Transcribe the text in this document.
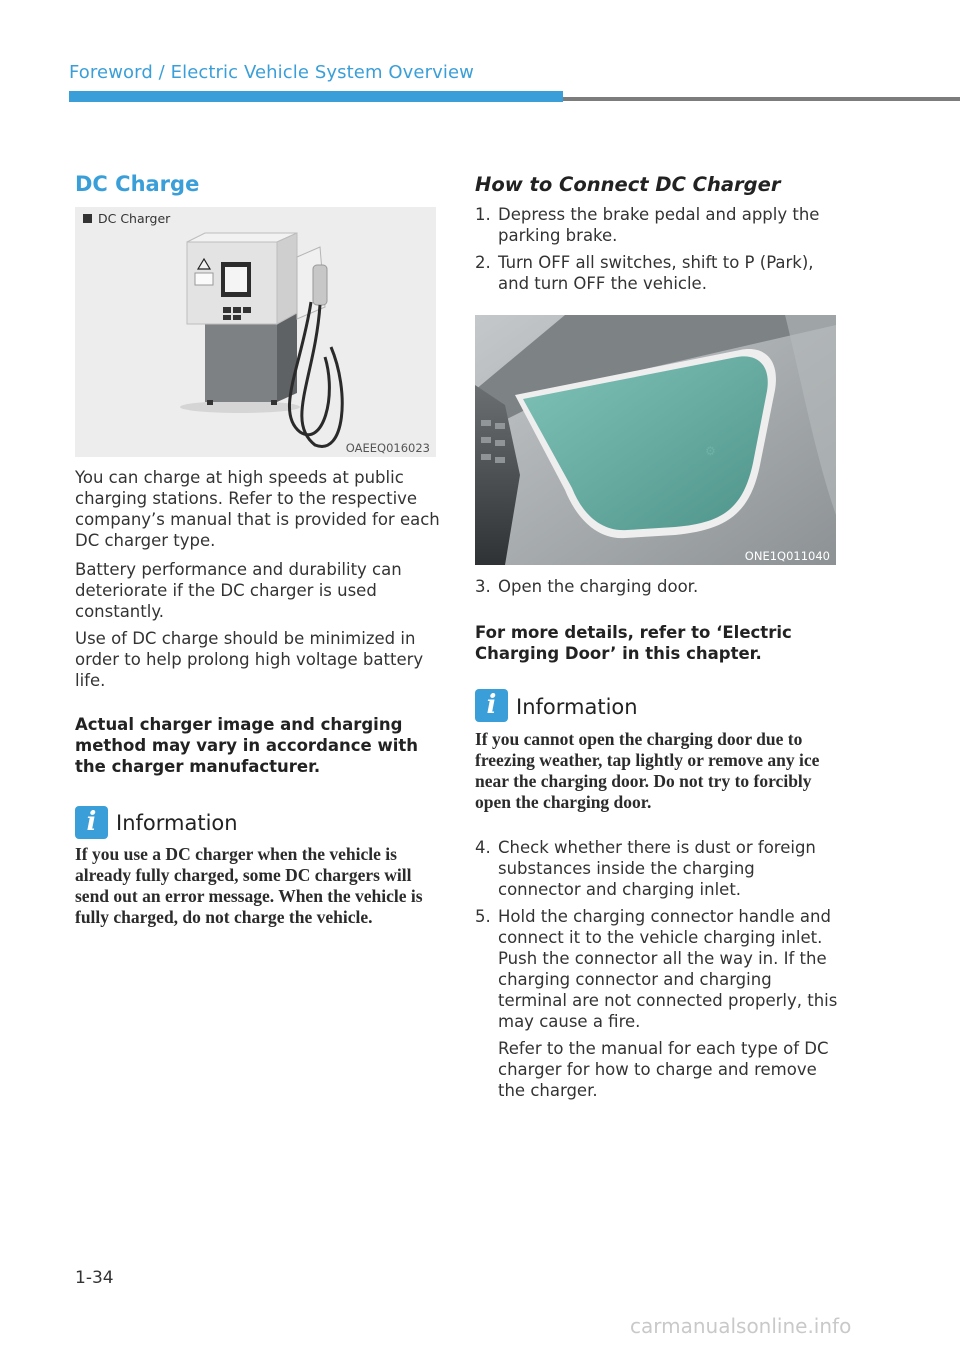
Foreword / Electric Vehicle System Overview
DC Charge
DC Charger
OAEEQ016023
You can charge at high speeds at public charging stations. Refer to the respective company’s manual that is provided for each DC charger type.
Battery performance and durability can deteriorate if the DC charger is used constantly.
Use of DC charge should be minimized in order to help prolong high voltage battery life.
Actual charger image and charging method may vary in accordance with the charger manufacturer.
i Information
If you use a DC charger when the vehicle is already fully charged, some DC chargers will send out an error message. When the vehicle is fully charged, do not charge the vehicle.
How to Connect DC Charger
1. Depress the brake pedal and apply the parking brake.
2. Turn OFF all switches, shift to P (Park), and turn OFF the vehicle.
⚙
ONE1Q011040
3. Open the charging door.
For more details, refer to ‘Electric Charging Door’ in this chapter.
i Information
If you cannot open the charging door due to freezing weather, tap lightly or remove any ice near the charging door. Do not try to forcibly open the charging door.
4. Check whether there is dust or foreign substances inside the charging connector and charging inlet.
5. Hold the charging connector handle and connect it to the vehicle charging inlet. Push the connector all the way in. If the charging connector and charging terminal are not connected properly, this may cause a fire.
Refer to the manual for each type of DC charger for how to charge and remove the charger.
1-34
carmanualsonline.info
